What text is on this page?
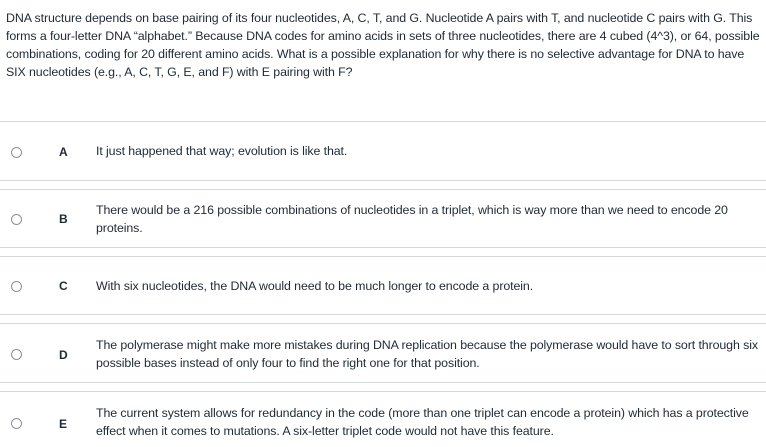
DNA structure depends on base pairing of its four nucleotides, A, C, T, and G. Nucleotide A pairs with T, and nucleotide C pairs with G. This forms a four-letter DNA “alphabet.” Because DNA codes for amino acids in sets of three nucleotides, there are 4 cubed (4^3), or 64, possible combinations, coding for 20 different amino acids. What is a possible explanation for why there is no selective advantage for DNA to have SIX nucleotides (e.g., A, C, T, G, E, and F) with E pairing with F?
A It just happened that way; evolution is like that.
B
There would be a 216 possible combinations of nucleotides in a triplet, which is way more than we need to encode 20 proteins.
C With six nucleotides, the DNA would need to be much longer to encode a protein.
D
The polymerase might make more mistakes during DNA replication because the polymerase would have to sort through six possible bases instead of only four to find the right one for that position.
E
The current system allows for redundancy in the code (more than one triplet can encode a protein) which has a protective effect when it comes to mutations. A six-letter triplet code would not have this feature.
